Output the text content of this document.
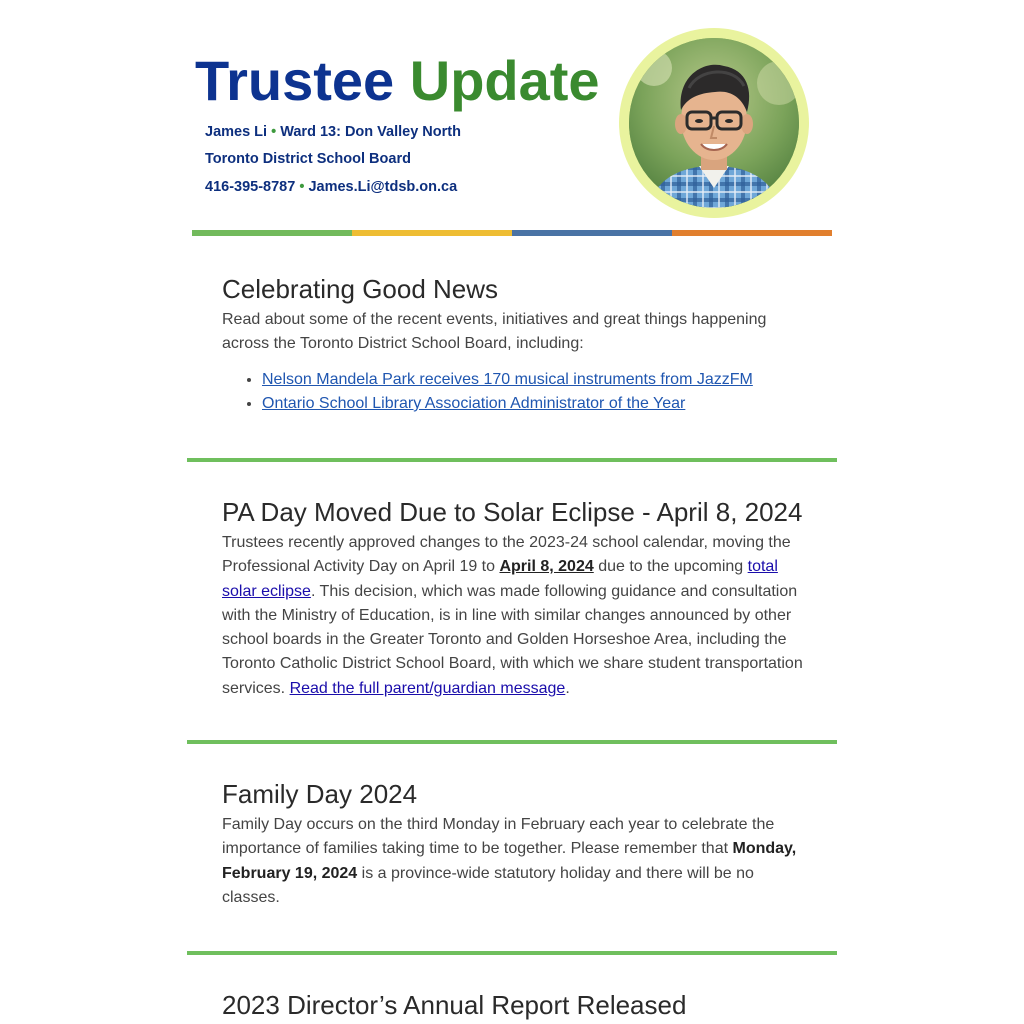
Trustee Update
James Li • Ward 13: Don Valley North
Toronto District School Board
416-395-8787 • James.Li@tdsb.on.ca
Celebrating Good News

Read about some of the recent events, initiatives and great things happening across the Toronto District School Board, including:

• Nelson Mandela Park receives 170 musical instruments from JazzFM
• Ontario School Library Association Administrator of the Year
PA Day Moved Due to Solar Eclipse - April 8, 2024

Trustees recently approved changes to the 2023-24 school calendar, moving the Professional Activity Day on April 19 to April 8, 2024 due to the upcoming total solar eclipse. This decision, which was made following guidance and consultation with the Ministry of Education, is in line with similar changes announced by other school boards in the Greater Toronto and Golden Horseshoe Area, including the Toronto Catholic District School Board, with which we share student transportation services. Read the full parent/guardian message.

Family Day 2024

Family Day occurs on the third Monday in February each year to celebrate the importance of families taking time to be together. Please remember that Monday, February 19, 2024 is a province-wide statutory holiday and there will be no classes.

2023 Director’s Annual Report Released
